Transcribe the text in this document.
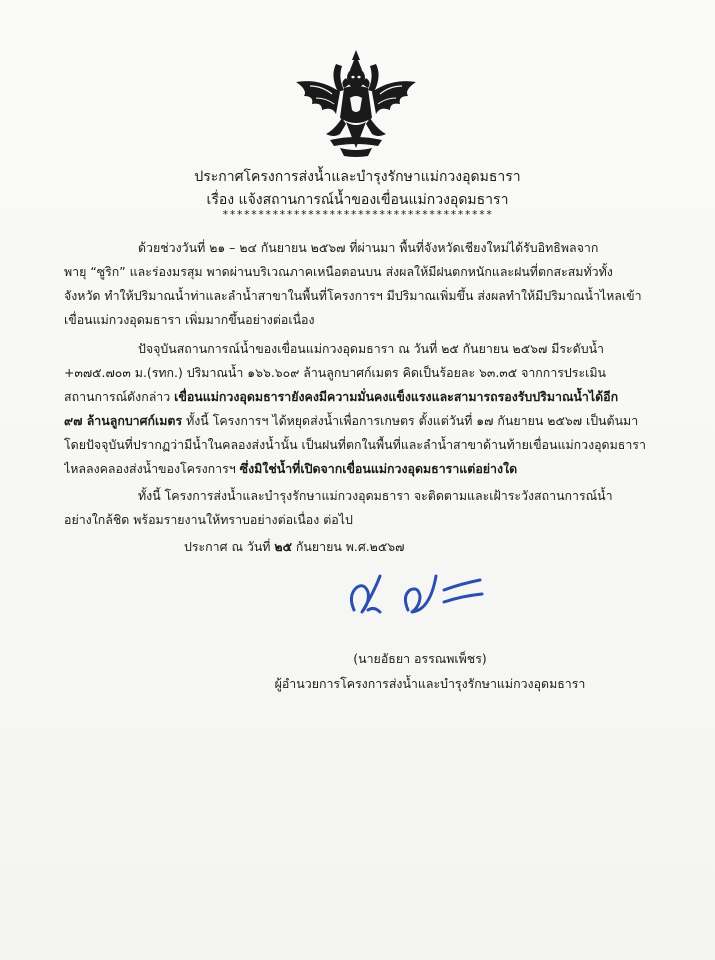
ประกาศโครงการส่งน้ำและบำรุงรักษาแม่กวงอุดมธารา
เรื่อง แจ้งสถานการณ์น้ำของเขื่อนแม่กวงอุดมธารา
**************************************
ด้วยช่วงวันที่ ๒๑ – ๒๔ กันยายน ๒๕๖๗ ที่ผ่านมา พื้นที่จังหวัดเชียงใหม่ได้รับอิทธิพลจาก
พายุ “ซูริก” และร่องมรสุม พาดผ่านบริเวณภาคเหนือตอนบน ส่งผลให้มีฝนตกหนักและฝนที่ตกสะสมทั่วทั้ง
จังหวัด ทำให้ปริมาณน้ำท่าและลำน้ำสาขาในพื้นที่โครงการฯ มีปริมาณเพิ่มขึ้น ส่งผลทำให้มีปริมาณน้ำไหลเข้า
เขื่อนแม่กวงอุดมธารา เพิ่มมากขึ้นอย่างต่อเนื่อง
ปัจจุบันสถานการณ์น้ำของเขื่อนแม่กวงอุดมธารา ณ วันที่ ๒๕ กันยายน ๒๕๖๗ มีระดับน้ำ
+๓๗๕.๗๐๓ ม.(รทก.) ปริมาณน้ำ ๑๖๖.๖๐๙ ล้านลูกบาศก์เมตร คิดเป็นร้อยละ ๖๓.๓๕ จากการประเมิน
สถานการณ์ดังกล่าว เขื่อนแม่กวงอุดมธารายังคงมีความมั่นคงแข็งแรงและสามารถรองรับปริมาณน้ำได้อีก
๙๗ ล้านลูกบาศก์เมตร ทั้งนี้ โครงการฯ ได้หยุดส่งน้ำเพื่อการเกษตร ตั้งแต่วันที่ ๑๗ กันยายน ๒๕๖๗ เป็นต้นมา
โดยปัจจุบันที่ปรากฏว่ามีน้ำในคลองส่งน้ำนั้น เป็นฝนที่ตกในพื้นที่และลำน้ำสาขาด้านท้ายเขื่อนแม่กวงอุดมธารา
ไหลลงคลองส่งน้ำของโครงการฯ ซึ่งมิใช่น้ำที่เปิดจากเขื่อนแม่กวงอุดมธาราแต่อย่างใด
ทั้งนี้ โครงการส่งน้ำและบำรุงรักษาแม่กวงอุดมธารา จะติดตามและเฝ้าระวังสถานการณ์น้ำ
อย่างใกล้ชิด พร้อมรายงานให้ทราบอย่างต่อเนื่อง ต่อไป
ประกาศ ณ วันที่ ๒๕ กันยายน พ.ศ.๒๕๖๗
(นายอัธยา อรรณพเพ็ชร)
ผู้อำนวยการโครงการส่งน้ำและบำรุงรักษาแม่กวงอุดมธารา
